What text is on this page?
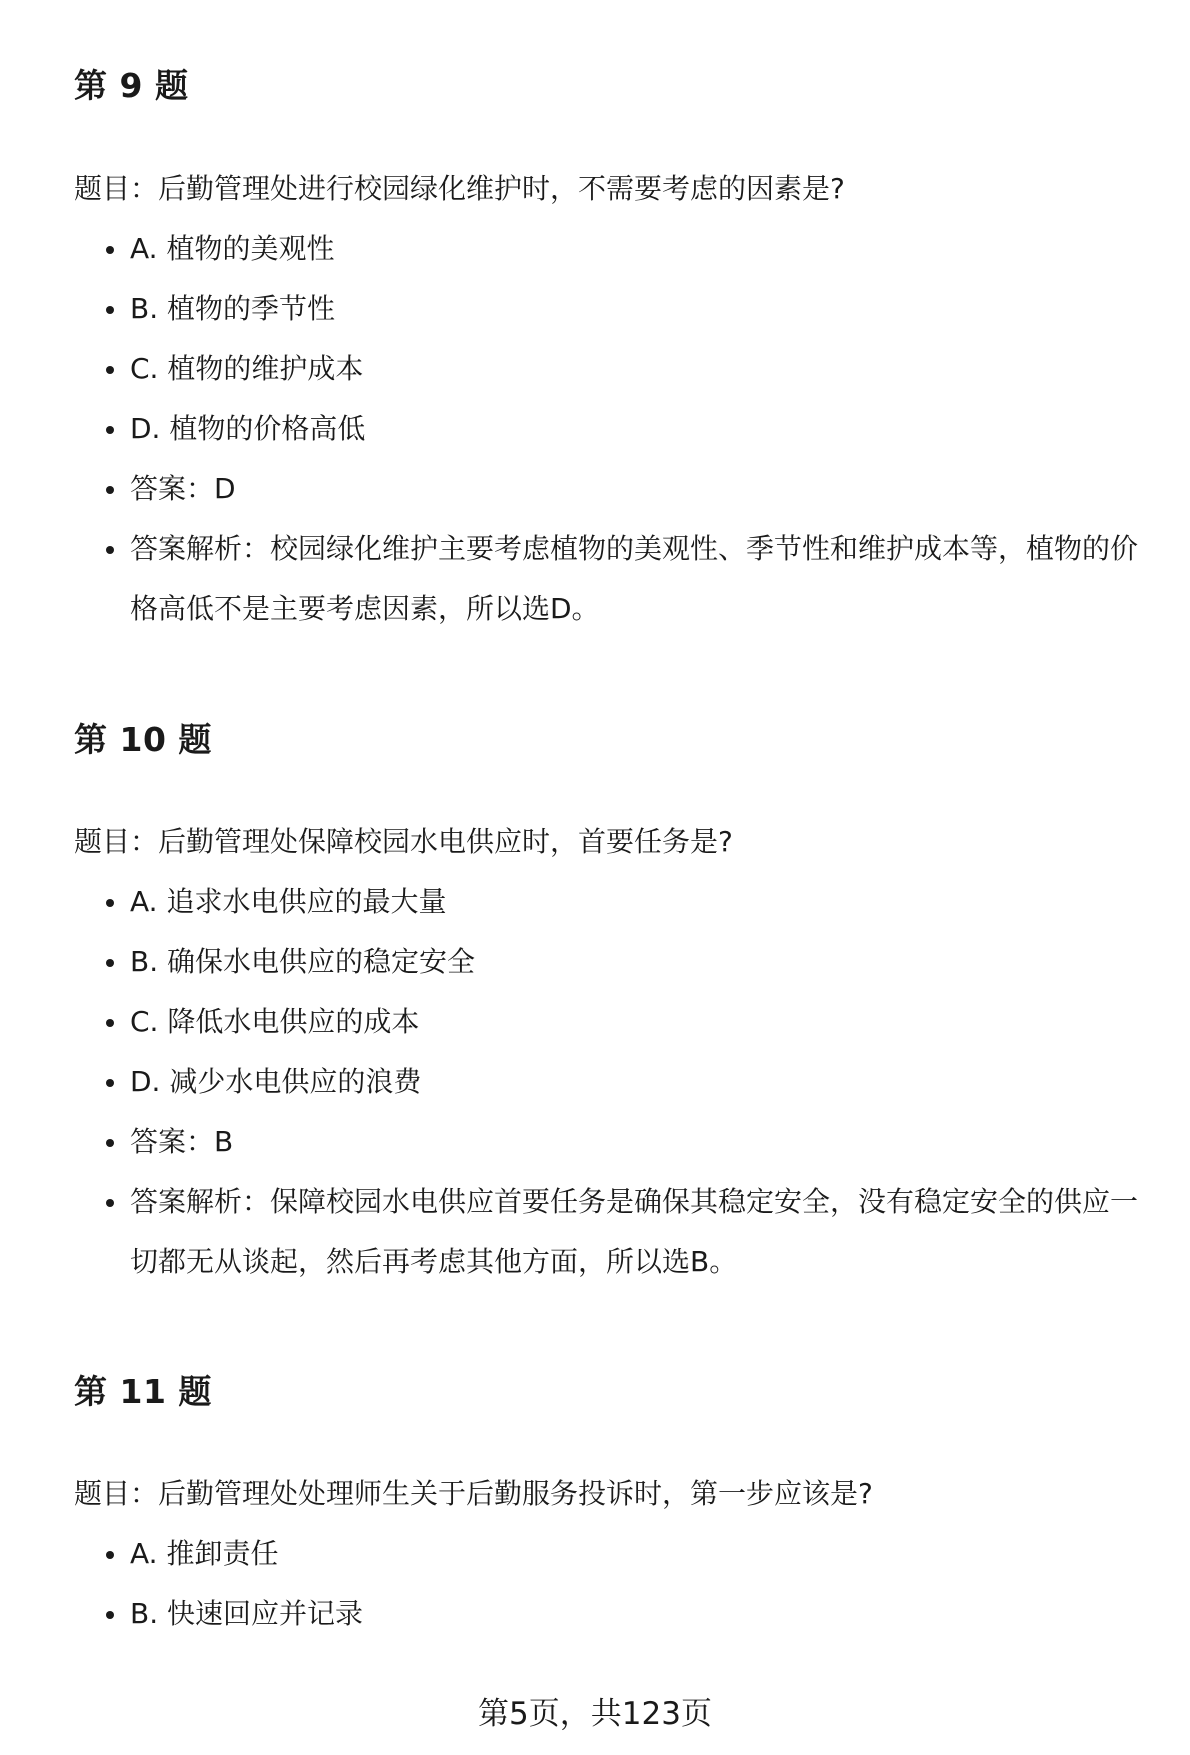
第 9 题
题目：后勤管理处进行校园绿化维护时，不需要考虑的因素是?
A. 植物的美观性
B. 植物的季节性
C. 植物的维护成本
D. 植物的价格高低
答案：D
答案解析：校园绿化维护主要考虑植物的美观性、季节性和维护成本等，植物的价格高低不是主要考虑因素，所以选D。
第 10 题
题目：后勤管理处保障校园水电供应时，首要任务是?
A. 追求水电供应的最大量
B. 确保水电供应的稳定安全
C. 降低水电供应的成本
D. 减少水电供应的浪费
答案：B
答案解析：保障校园水电供应首要任务是确保其稳定安全，没有稳定安全的供应一切都无从谈起，然后再考虑其他方面，所以选B。
第 11 题
题目：后勤管理处处理师生关于后勤服务投诉时，第一步应该是?
A. 推卸责任
B. 快速回应并记录
第5页，共123页
